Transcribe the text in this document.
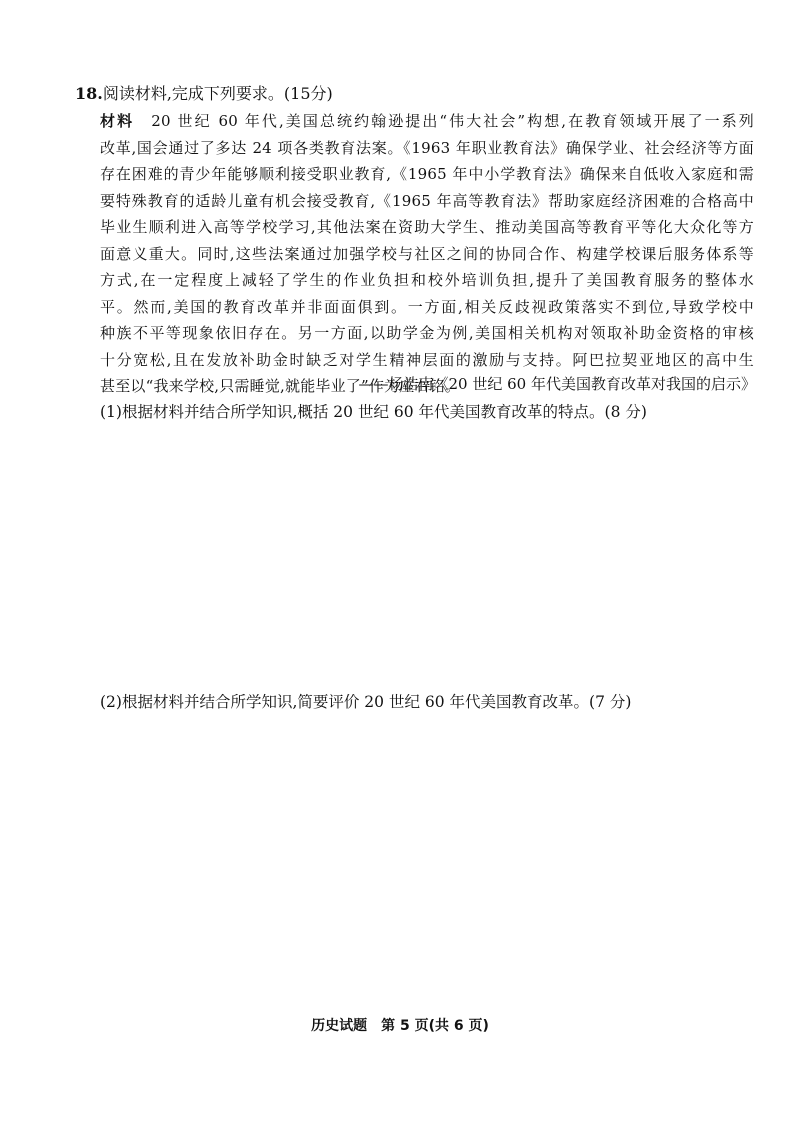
18.阅读材料,完成下列要求。(15分)
材料　 20 世纪 60 年代,美国总统约翰逊提出“伟大社会”构想,在教育领域开展了一系列
改革,国会通过了多达 24 项各类教育法案。《1963 年职业教育法》确保学业、社会经济等方面
存在困难的青少年能够顺利接受职业教育,《1965 年中小学教育法》确保来自低收入家庭和需
要特殊教育的适龄儿童有机会接受教育,《1965 年高等教育法》帮助家庭经济困难的合格高中
毕业生顺利进入高等学校学习,其他法案在资助大学生、推动美国高等教育平等化大众化等方
面意义重大。同时,这些法案通过加强学校与社区之间的协同合作、构建学校课后服务体系等
方式,在一定程度上减轻了学生的作业负担和校外培训负担,提升了美国教育服务的整体水
平。然而,美国的教育改革并非面面俱到。一方面,相关反歧视政策落实不到位,导致学校中
种族不平等现象依旧存在。另一方面,以助学金为例,美国相关机构对领取补助金资格的审核
十分宽松,且在发放补助金时缺乏对学生精神层面的激励与支持。阿巴拉契亚地区的高中生
甚至以“我来学校,只需睡觉,就能毕业了”作为座右铭。
——杨浩南《20 世纪 60 年代美国教育改革对我国的启示》
(1)根据材料并结合所学知识,概括 20 世纪 60 年代美国教育改革的特点。(8 分)
(2)根据材料并结合所学知识,简要评价 20 世纪 60 年代美国教育改革。(7 分)
历史试题　第 5 页(共 6 页)
